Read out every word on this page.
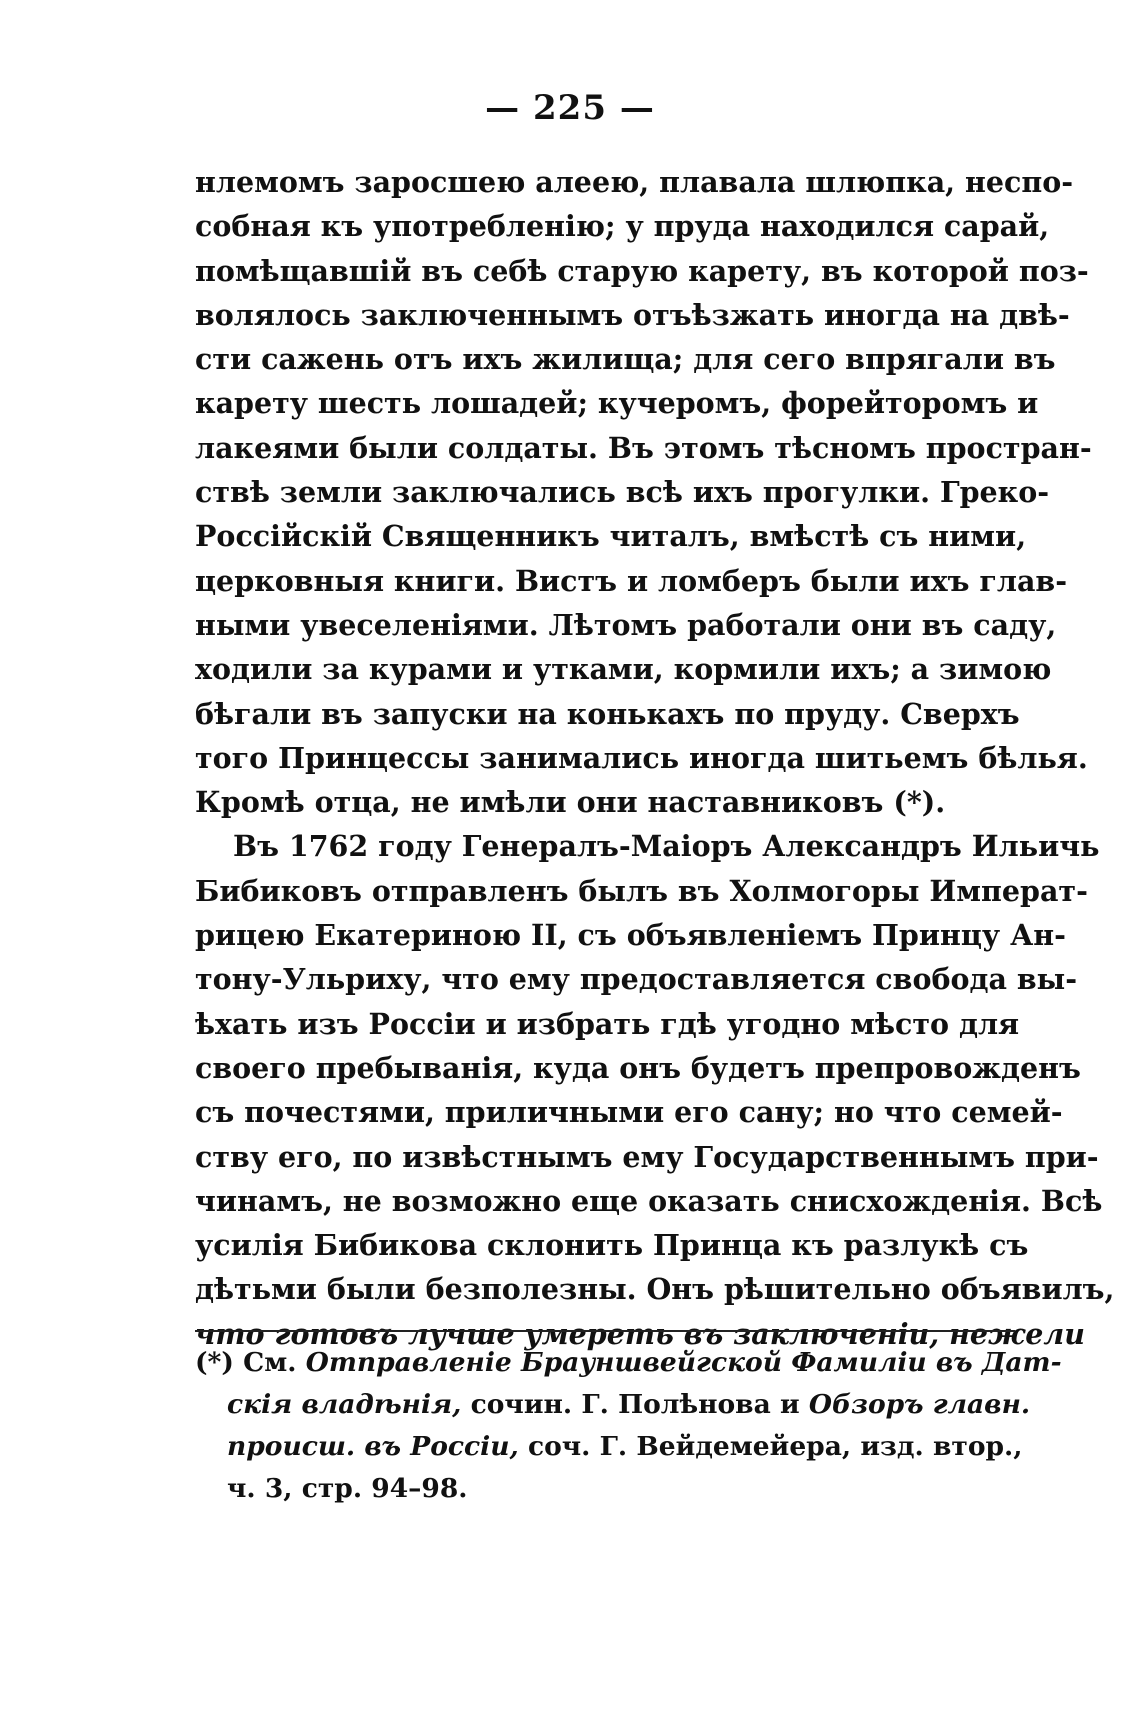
— 225 —
нлемомъ заросшею алеею, плавала шлюпка, неспо-
собная къ употребленію; у пруда находился сарай,
помѣщавшій въ себѣ старую карету, въ которой поз-
волялось заключеннымъ отъѣзжать иногда на двѣ-
сти сажень отъ ихъ жилища; для сего впрягали въ
карету шесть лошадей; кучеромъ, форейторомъ и
лакеями были солдаты. Въ этомъ тѣсномъ простран-
ствѣ земли заключались всѣ ихъ прогулки. Греко-
Россійскій Священникъ читалъ, вмѣстѣ съ ними,
церковныя книги. Вистъ и ломберъ были ихъ глав-
ными увеселеніями. Лѣтомъ работали они въ саду,
ходили за курами и утками, кормили ихъ; а зимою
бѣгали въ запуски на конькахъ по пруду. Сверхъ
того Принцессы занимались иногда шитьемъ бѣлья.
Кромѣ отца, не имѣли они наставниковъ (*).
Въ 1762 году Генералъ-Маіоръ Александръ Ильичь
Бибиковъ отправленъ былъ въ Холмогоры Императ-
рицею Екатериною II, съ объявленіемъ Принцу Ан-
тону-Ульриху, что ему предоставляется свобода вы-
ѣхать изъ Россіи и избрать гдѣ угодно мѣсто для
своего пребыванія, куда онъ будетъ препровожденъ
съ почестями, приличными его сану; но что семей-
ству его, по извѣстнымъ ему Государственнымъ при-
чинамъ, не возможно еще оказать снисхожденія. Всѣ
усилія Бибикова склонить Принца къ разлукѣ съ
дѣтьми были безполезны. Онъ рѣшительно объявилъ,
что готовъ лучше умереть въ заключеніи, нежели
(*) См. Отправленіе Брауншвейгской Фамиліи въ Дат-
скія владѣнія, сочин. Г. Полѣнова и Обзоръ главн.
происш. въ Россіи, соч. Г. Вейдемейера, изд. втор.,
ч. 3, стр. 94–98.
